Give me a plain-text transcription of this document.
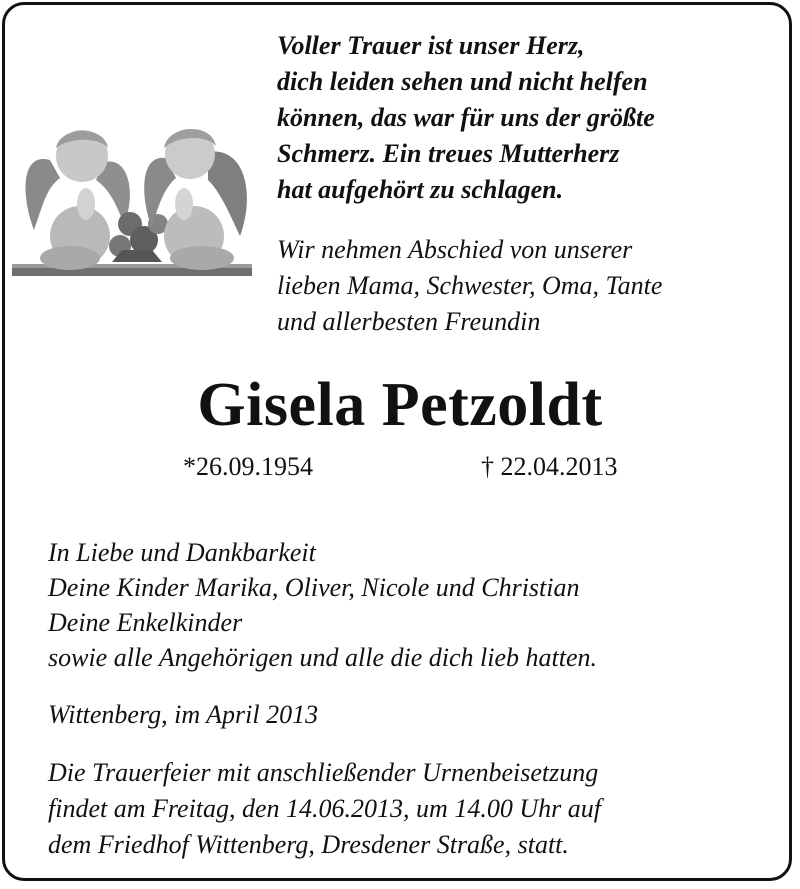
Voller Trauer ist unser Herz,
dich leiden sehen und nicht helfen
können, das war für uns der größte
Schmerz. Ein treues Mutterherz
hat aufgehört zu schlagen.
Wir nehmen Abschied von unserer
lieben Mama, Schwester, Oma, Tante
und allerbesten Freundin
Gisela Petzoldt
*26.09.1954	† 22.04.2013
In Liebe und Dankbarkeit
Deine Kinder Marika, Oliver, Nicole und Christian
Deine Enkelkinder
sowie alle Angehörigen und alle die dich lieb hatten.
Wittenberg, im April 2013
Die Trauerfeier mit anschließender Urnenbeisetzung
findet am Freitag, den 14.06.2013, um 14.00 Uhr auf
dem Friedhof Wittenberg, Dresdener Straße, statt.
